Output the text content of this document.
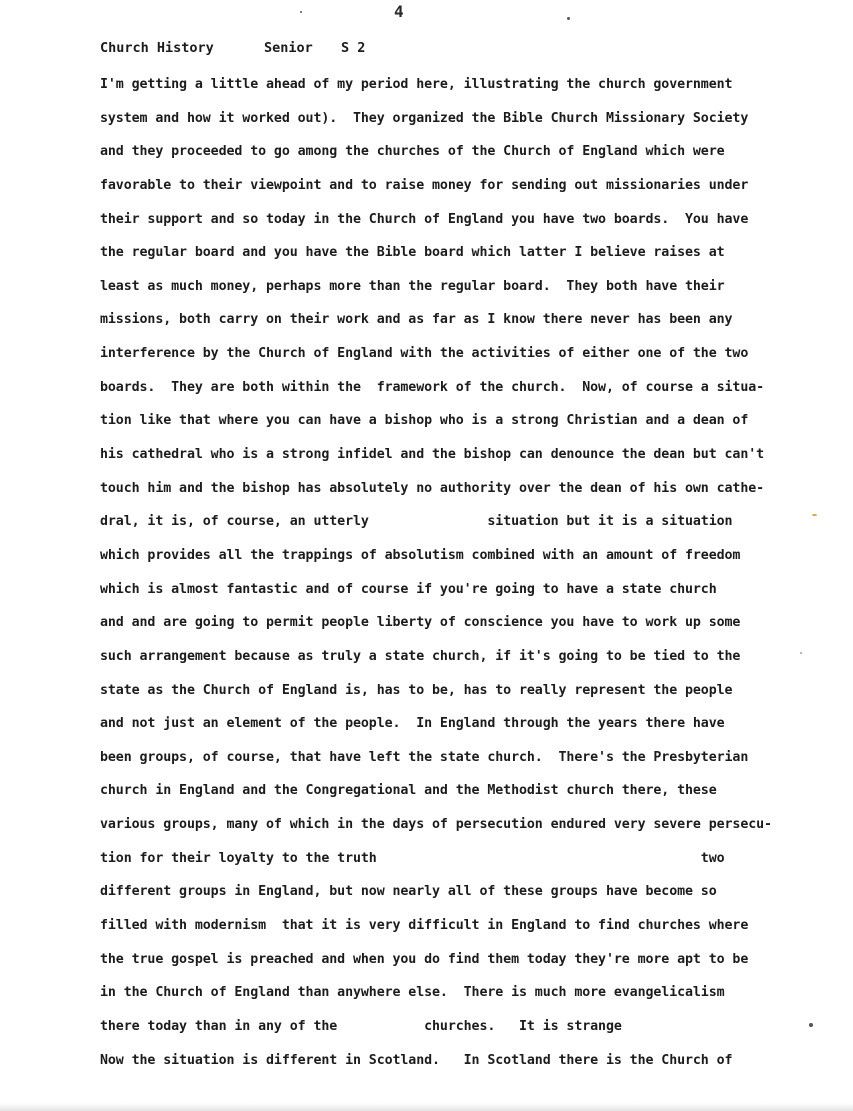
4

Church History

	Senior

S 2

I'm getting a little ahead of my period here, illustrating the church government
system and how it worked out).  They organized the Bible Church Missionary Society
and they proceeded to go among the churches of the Church of England which were
favorable to their viewpoint and to raise money for sending out missionaries under
their support and so today in the Church of England you have two boards.  You have
the regular board and you have the Bible board which latter I believe raises at
least as much money, perhaps more than the regular board.  They both have their
missions, both carry on their work and as far as I know there never has been any
interference by the Church of England with the activities of either one of the two
boards.  They are both within the  framework of the church.  Now, of course a situa-
tion like that where you can have a bishop who is a strong Christian and a dean of
his cathedral who is a strong infidel and the bishop can denounce the dean but can't
touch him and the bishop has absolutely no authority over the dean of his own cathe-
dral, it is, of course, an utterly               situation but it is a situation
which provides all the trappings of absolutism combined with an amount of freedom
which is almost fantastic and of course if you're going to have a state church
and and are going to permit people liberty of conscience you have to work up some
such arrangement because as truly a state church, if it's going to be tied to the
state as the Church of England is, has to be, has to really represent the people
and not just an element of the people.  In England through the years there have
been groups, of course, that have left the state church.  There's the Presbyterian
church in England and the Congregational and the Methodist church there, these
various groups, many of which in the days of persecution endured very severe persecu-
tion for their loyalty to the truth                                         two
different groups in England, but now nearly all of these groups have become so
filled with modernism  that it is very difficult in England to find churches where
the true gospel is preached and when you do find them today they're more apt to be
in the Church of England than anywhere else.  There is much more evangelicalism
there today than in any of the           churches.   It is strange
Now the situation is different in Scotland.   In Scotland there is the Church of
